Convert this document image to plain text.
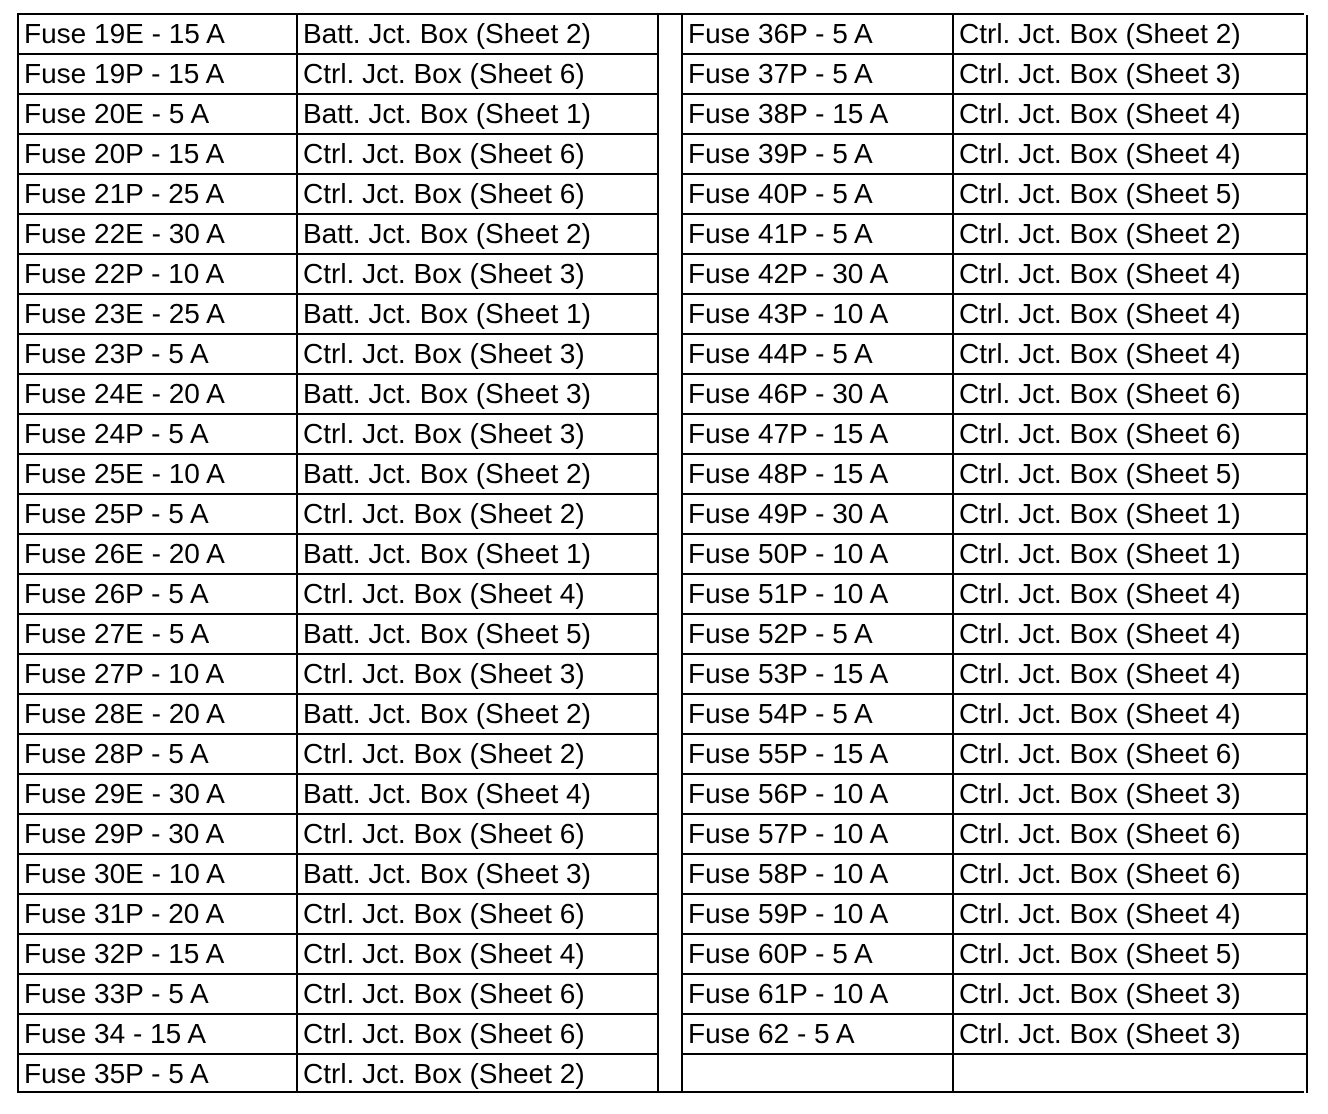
Fuse 19E - 15 A	Batt. Jct. Box (Sheet 2)
Fuse 19P - 15 A	Ctrl. Jct. Box (Sheet 6)
Fuse 20E - 5 A	Batt. Jct. Box (Sheet 1)
Fuse 20P - 15 A	Ctrl. Jct. Box (Sheet 6)
Fuse 21P - 25 A	Ctrl. Jct. Box (Sheet 6)
Fuse 22E - 30 A	Batt. Jct. Box (Sheet 2)
Fuse 22P - 10 A	Ctrl. Jct. Box (Sheet 3)
Fuse 23E - 25 A	Batt. Jct. Box (Sheet 1)
Fuse 23P - 5 A	Ctrl. Jct. Box (Sheet 3)
Fuse 24E - 20 A	Batt. Jct. Box (Sheet 3)
Fuse 24P - 5 A	Ctrl. Jct. Box (Sheet 3)
Fuse 25E - 10 A	Batt. Jct. Box (Sheet 2)
Fuse 25P - 5 A	Ctrl. Jct. Box (Sheet 2)
Fuse 26E - 20 A	Batt. Jct. Box (Sheet 1)
Fuse 26P - 5 A	Ctrl. Jct. Box (Sheet 4)
Fuse 27E - 5 A	Batt. Jct. Box (Sheet 5)
Fuse 27P - 10 A	Ctrl. Jct. Box (Sheet 3)
Fuse 28E - 20 A	Batt. Jct. Box (Sheet 2)
Fuse 28P - 5 A	Ctrl. Jct. Box (Sheet 2)
Fuse 29E - 30 A	Batt. Jct. Box (Sheet 4)
Fuse 29P - 30 A	Ctrl. Jct. Box (Sheet 6)
Fuse 30E - 10 A	Batt. Jct. Box (Sheet 3)
Fuse 31P - 20 A	Ctrl. Jct. Box (Sheet 6)
Fuse 32P - 15 A	Ctrl. Jct. Box (Sheet 4)
Fuse 33P - 5 A	Ctrl. Jct. Box (Sheet 6)
Fuse 34 - 15 A	Ctrl. Jct. Box (Sheet 6)
Fuse 35P - 5 A	Ctrl. Jct. Box (Sheet 2)
Fuse 36P - 5 A	Ctrl. Jct. Box (Sheet 2)
Fuse 37P - 5 A	Ctrl. Jct. Box (Sheet 3)
Fuse 38P - 15 A	Ctrl. Jct. Box (Sheet 4)
Fuse 39P - 5 A	Ctrl. Jct. Box (Sheet 4)
Fuse 40P - 5 A	Ctrl. Jct. Box (Sheet 5)
Fuse 41P - 5 A	Ctrl. Jct. Box (Sheet 2)
Fuse 42P - 30 A	Ctrl. Jct. Box (Sheet 4)
Fuse 43P - 10 A	Ctrl. Jct. Box (Sheet 4)
Fuse 44P - 5 A	Ctrl. Jct. Box (Sheet 4)
Fuse 46P - 30 A	Ctrl. Jct. Box (Sheet 6)
Fuse 47P - 15 A	Ctrl. Jct. Box (Sheet 6)
Fuse 48P - 15 A	Ctrl. Jct. Box (Sheet 5)
Fuse 49P - 30 A	Ctrl. Jct. Box (Sheet 1)
Fuse 50P - 10 A	Ctrl. Jct. Box (Sheet 1)
Fuse 51P - 10 A	Ctrl. Jct. Box (Sheet 4)
Fuse 52P - 5 A	Ctrl. Jct. Box (Sheet 4)
Fuse 53P - 15 A	Ctrl. Jct. Box (Sheet 4)
Fuse 54P - 5 A	Ctrl. Jct. Box (Sheet 4)
Fuse 55P - 15 A	Ctrl. Jct. Box (Sheet 6)
Fuse 56P - 10 A	Ctrl. Jct. Box (Sheet 3)
Fuse 57P - 10 A	Ctrl. Jct. Box (Sheet 6)
Fuse 58P - 10 A	Ctrl. Jct. Box (Sheet 6)
Fuse 59P - 10 A	Ctrl. Jct. Box (Sheet 4)
Fuse 60P - 5 A	Ctrl. Jct. Box (Sheet 5)
Fuse 61P - 10 A	Ctrl. Jct. Box (Sheet 3)
Fuse 62 - 5 A	Ctrl. Jct. Box (Sheet 3)
